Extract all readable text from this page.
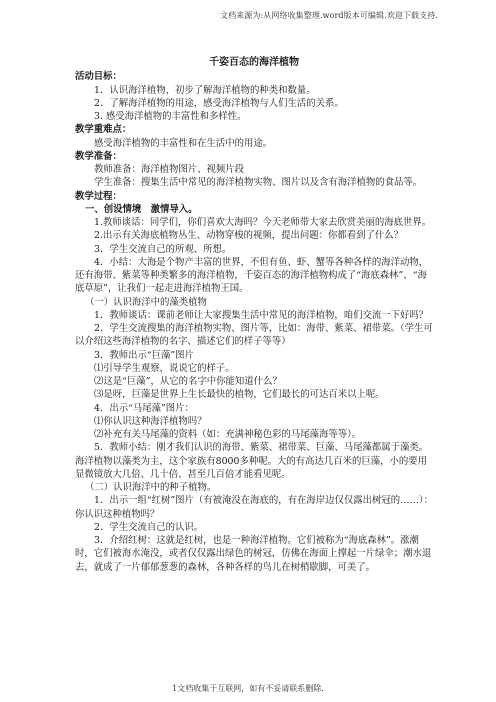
文档来源为:从网络收集整理.word版本可编辑.欢迎下载支持.
千姿百态的海洋植物
活动目标：
1．认识海洋植物，初步了解海洋植物的种类和数量。
2．了解海洋植物的用途，感受海洋植物与人们生活的关系。
3. 感受海洋植物的丰富性和多样性。
教学重难点：
感受海洋植物的丰富性和在生活中的用途。
教学准备：
教师准备：海洋植物图片、视频片段
学生准备：搜集生活中常见的海洋植物实物、图片以及含有海洋植物的食品等。
教学过程：
一、创设情境　激情导入。
1.教师谈话：同学们，你们喜欢大海吗？今天老师带大家去欣赏美丽的海底世界。
2.出示有关海底植物丛生、动物穿梭的视频，提出问题：你都看到了什么？
3．学生交流自己的所观、所想。
4．小结：大海是个物产丰富的世界，不但有鱼、虾、蟹等各种各样的海洋动物，还有海带、紫菜等种类繁多的海洋植物，千姿百态的海洋植物构成了“海底森林”、“海底草原”，让我们一起走进海洋植物王国。
（一）认识海洋中的藻类植物
1．教师谈话：课前老师让大家搜集生活中常见的海洋植物，咱们交流一下好吗？
2．学生交流搜集的海洋植物实物、图片等，比如：海带、紫菜、裙带菜。（学生可以介绍这些海洋植物的名字、描述它们的样子等等）
3．教师出示“巨藻”图片
⑴引导学生观察，说说它的样子。
⑵这是“巨藻”，从它的名字中你能知道什么？
⑶是呀，巨藻是世界上生长最快的植物，它们最长的可达百米以上呢。
4．出示“马尾藻”图片：
⑴你认识这种海洋植物吗？
⑵补充有关马尾藻的资料（如：充满神秘色彩的马尾藻海等等）。
5．教师小结：刚才我们认识的海带、紫菜、裙带菜、巨藻、马尾藻都属于藻类。海洋植物以藻类为主，这个家族有8000多种呢。大的有高达几百米的巨藻，小的要用显微镜放大几倍、几十倍、甚至几百倍才能看见呢。
（二）认识海洋中的种子植物。
1．出示一组“红树”图片（有被淹没在海底的，有在海岸边仅仅露出树冠的……）：你认识这种植物吗？
2．学生交流自己的认识。
3．介绍红树：这就是红树，也是一种海洋植物。它们被称为“海底森林”。涨潮时，它们被海水淹没，或者仅仅露出绿色的树冠，仿佛在海面上撑起一片绿伞；潮水退去，就成了一片郁郁葱葱的森林，各种各样的鸟儿在树梢歇脚，可美了。
1文档收集于互联网，如有不妥请联系删除.
